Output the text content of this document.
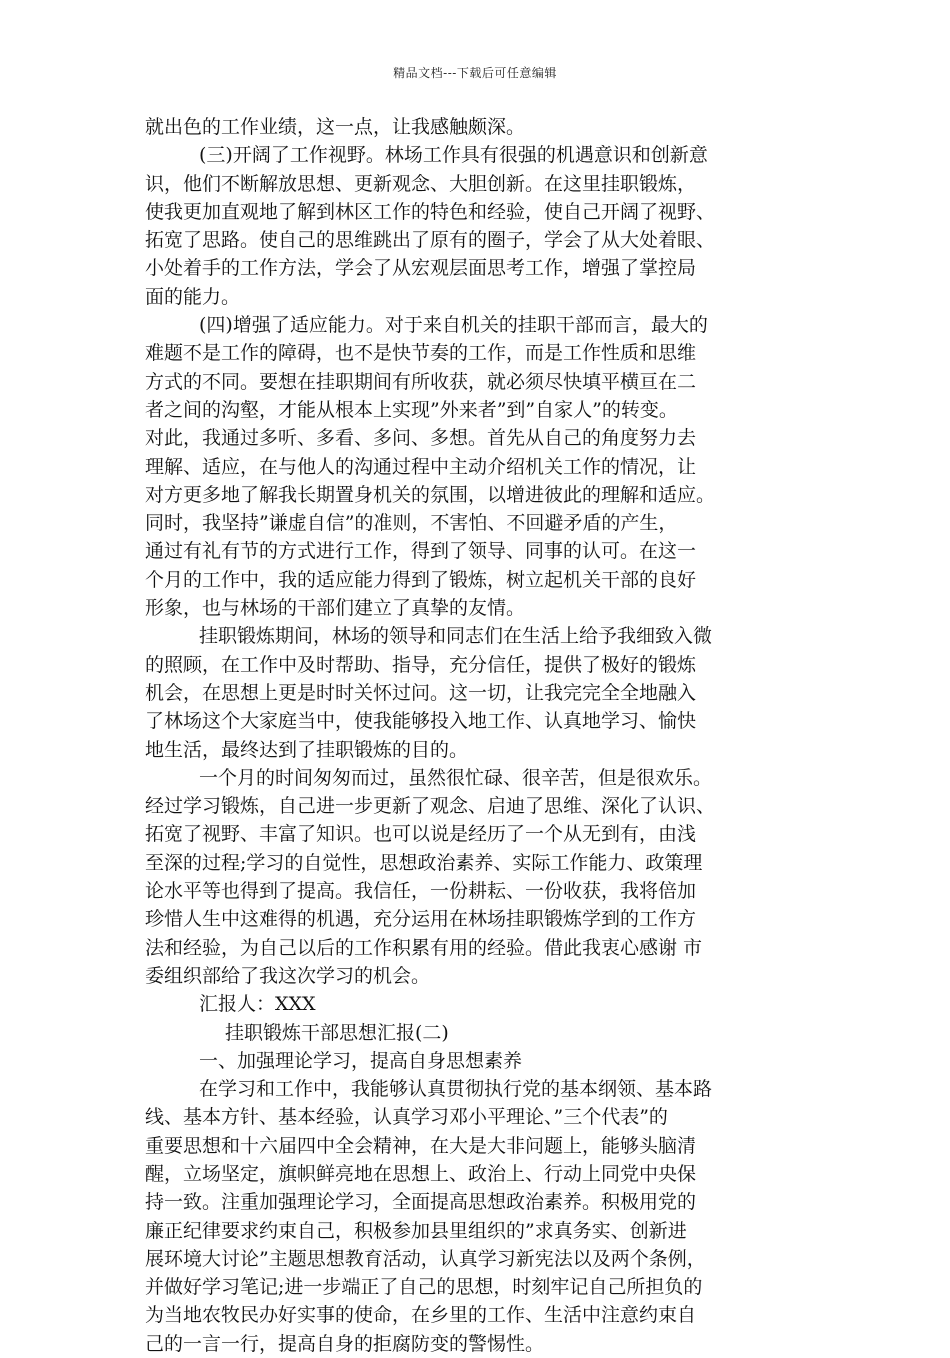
精品文档---下载后可任意编辑
就出色的工作业绩，这一点，让我感触颇深。
(三)开阔了工作视野。林场工作具有很强的机遇意识和创新意
识，他们不断解放思想、更新观念、大胆创新。在这里挂职锻炼，
使我更加直观地了解到林区工作的特色和经验，使自己开阔了视野、
拓宽了思路。使自己的思维跳出了原有的圈子，学会了从大处着眼、
小处着手的工作方法，学会了从宏观层面思考工作，增强了掌控局
面的能力。
(四)增强了适应能力。对于来自机关的挂职干部而言，最大的
难题不是工作的障碍，也不是快节奏的工作，而是工作性质和思维
方式的不同。要想在挂职期间有所收获，就必须尽快填平横亘在二
者之间的沟壑，才能从根本上实现”外来者”到”自家人”的转变。
对此，我通过多听、多看、多问、多想。首先从自己的角度努力去
理解、适应，在与他人的沟通过程中主动介绍机关工作的情况，让
对方更多地了解我长期置身机关的氛围，以增进彼此的理解和适应。
同时，我坚持”谦虚自信”的准则，不害怕、不回避矛盾的产生，
通过有礼有节的方式进行工作，得到了领导、同事的认可。在这一
个月的工作中，我的适应能力得到了锻炼，树立起机关干部的良好
形象，也与林场的干部们建立了真挚的友情。
挂职锻炼期间，林场的领导和同志们在生活上给予我细致入微
的照顾，在工作中及时帮助、指导，充分信任，提供了极好的锻炼
机会，在思想上更是时时关怀过问。这一切，让我完完全全地融入
了林场这个大家庭当中，使我能够投入地工作、认真地学习、愉快
地生活，最终达到了挂职锻炼的目的。
一个月的时间匆匆而过，虽然很忙碌、很辛苦，但是很欢乐。
经过学习锻炼，自己进一步更新了观念、启迪了思维、深化了认识、
拓宽了视野、丰富了知识。也可以说是经历了一个从无到有，由浅
至深的过程;学习的自觉性，思想政治素养、实际工作能力、政策理
论水平等也得到了提高。我信任，一份耕耘、一份收获，我将倍加
珍惜人生中这难得的机遇，充分运用在林场挂职锻炼学到的工作方
法和经验，为自己以后的工作积累有用的经验。借此我衷心感谢 市
委组织部给了我这次学习的机会。
汇报人：XXX
挂职锻炼干部思想汇报(二)
一、加强理论学习，提高自身思想素养
在学习和工作中，我能够认真贯彻执行党的基本纲领、基本路
线、基本方针、基本经验，认真学习邓小平理论、”三个代表”的
重要思想和十六届四中全会精神，在大是大非问题上，能够头脑清
醒，立场坚定，旗帜鲜亮地在思想上、政治上、行动上同党中央保
持一致。注重加强理论学习，全面提高思想政治素养。积极用党的
廉正纪律要求约束自己，积极参加县里组织的”求真务实、创新进
展环境大讨论”主题思想教育活动，认真学习新宪法以及两个条例，
并做好学习笔记;进一步端正了自己的思想，时刻牢记自己所担负的
为当地农牧民办好实事的使命，在乡里的工作、生活中注意约束自
己的一言一行，提高自身的拒腐防变的警惕性。
